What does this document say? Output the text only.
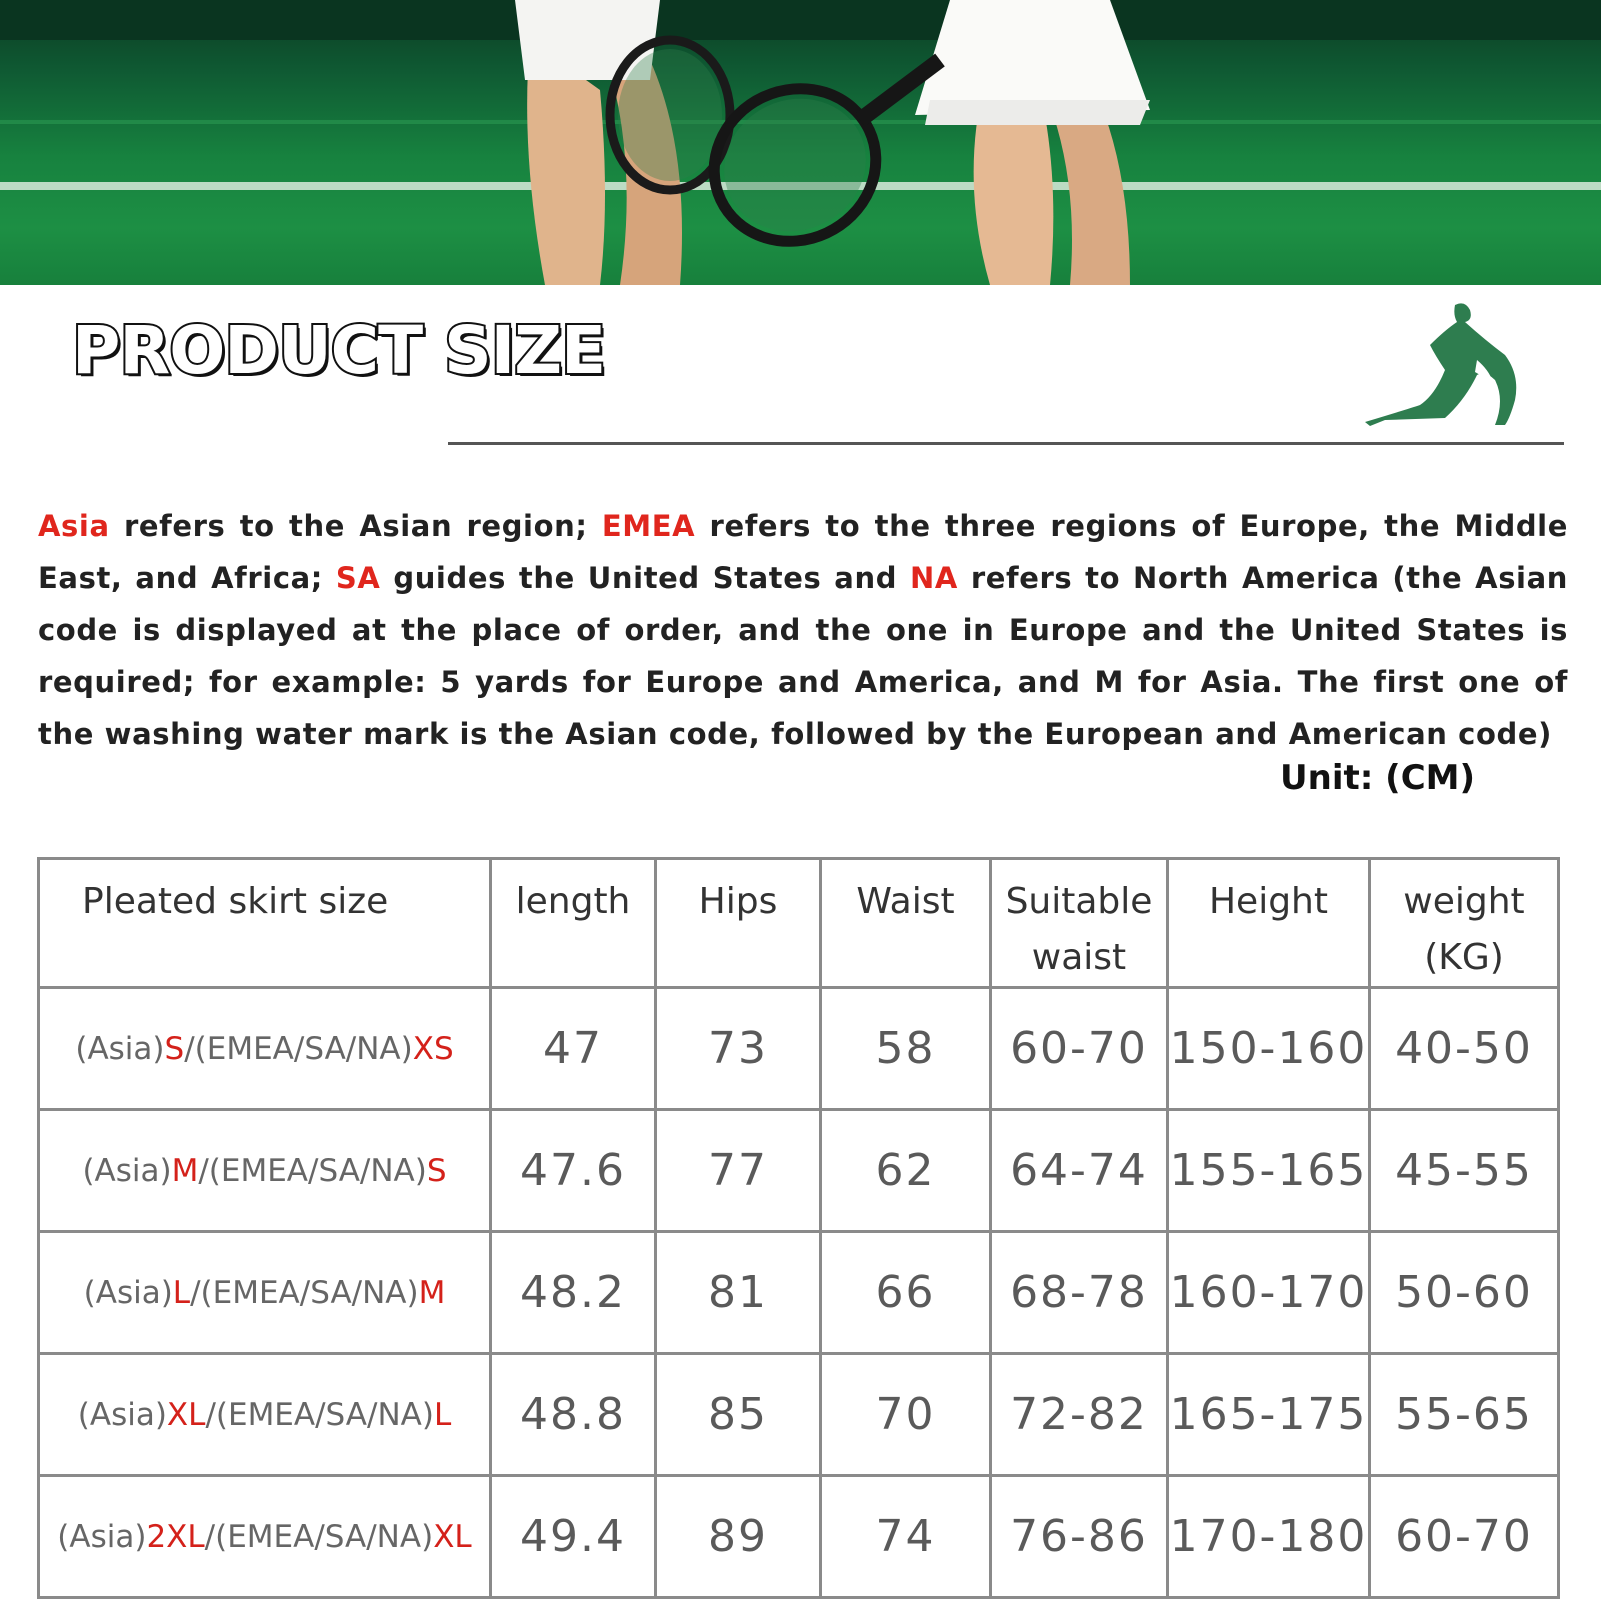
PRODUCT SIZE

Asia refers to the Asian region; EMEA refers to the three regions of Europe, the Middle East, and Africa; SA guides the United States and NA refers to North America (the Asian code is displayed at the place of order, and the one in Europe and the United States is required; for example: 5 yards for Europe and America, and M for Asia. The first one of the washing water mark is the Asian code, followed by the European and American code)

Unit: (CM)
Pleated skirt size	length	Hips	Waist	Suitable waist	Height	weight (KG)
(Asia)S/(EMEA/SA/NA)XS	47	73	58	60-70	150-160	40-50
(Asia)M/(EMEA/SA/NA)S	47.6	77	62	64-74	155-165	45-55
(Asia)L/(EMEA/SA/NA)M	48.2	81	66	68-78	160-170	50-60
(Asia)XL/(EMEA/SA/NA)L	48.8	85	70	72-82	165-175	55-65
(Asia)2XL/(EMEA/SA/NA)XL	49.4	89	74	76-86	170-180	60-70
